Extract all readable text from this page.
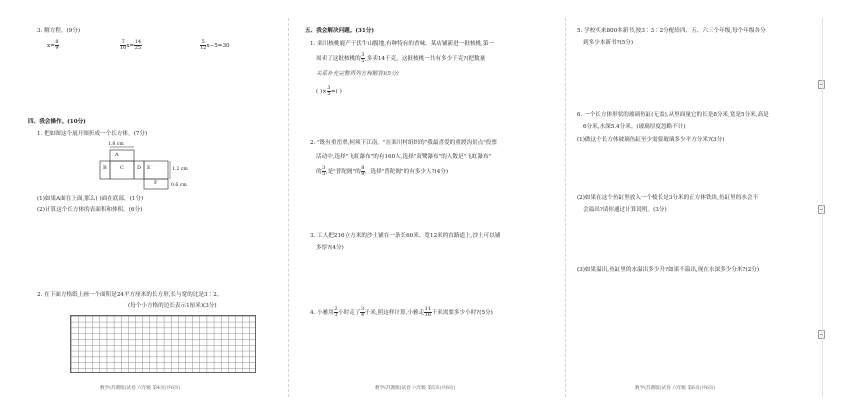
3. 解方程。(9分)
$x= \frac{8}{9}$	$\frac{7}{10} x= \frac{14}{25}$	$\frac{5}{12} x-5=30$
四、我会操作。(10分)
1. 把如图这个展开图折成一个长方体。(7分)
1.8 cm
1.2 cm
0.6 cm
A
B	C	D E
F
(1)如果A面在上面,那么( )面在底部。(1分)
(2)计算这个长方体的表面积和体积。(6分)
2. 在下面方格纸上画一个面积是24平方厘米的长方形,长与宽的比是3∶2。
(每个小方格的边长表示1厘米)(3分)
数学(苏教版)试卷 六年级 第4页(共6页)
五、我会解决问题。(31分)
1. 栾川核桃鹿产于伏牛山腹地,有种特有的香味。某店铺新进一批核桃,第一
周卖了这批核桃的 $\frac{3}{5}$ ,多卖14千克。这批核桃一共有多少千克?(把数量
关系补充完整再列方程解答)(5分)
( )× $\frac{3}{5}$ =( )
2. "既有重峦翠,何须下江南。"在栾川村组织的"我最喜爱的重渡沟景点"投票
活动中,选择"飞虹瀑布"的有160人,选择"双鹭瀑布"的人数是"飞虹瀑布"
的 $\frac{3}{5}$ ,是"普陀阁"的 $\frac{8}{9}$ 。选择"普陀阁"的有多少人?(4分)
3. 工人把216立方米的沙土铺在一条长60米、宽12米的直路道上,沙土可以铺
多厚?(4分)
4. 小雅用 $\frac{2}{3}$ 小时走了 $\frac{3}{4}$ 千米,照这样计算,小雅走 $\frac{11}{16}$ 千米需要多少小时?(5分)
数学(苏教版)试卷 六年级 第5页(共6页)
5. 学校买来800本新书,按3∶3∶2分配给四、五、六三个年级,每个年级各分
到多少本新书?(5分)
6. 一个长方体形状的玻璃鱼缸(无盖),从里面量它的长是8分米,宽是5分米,高是
6分米,水深5.4分米。(玻璃厚度忽略不计)
(1)做这个长方体玻璃鱼缸至少需要玻璃多少平方分米?(3分)
(2)如果在这个鱼缸里放入一个棱长是3分米的正方体铁块,鱼缸里的水会不
会溢出?请你通过计算说明。(3分)
(3)如果溢出,鱼缸里的水溢出多少升?如果不溢出,现在水深多少分米?(2分)
数学(苏教版)试卷 六年级 第6页(共6页)
